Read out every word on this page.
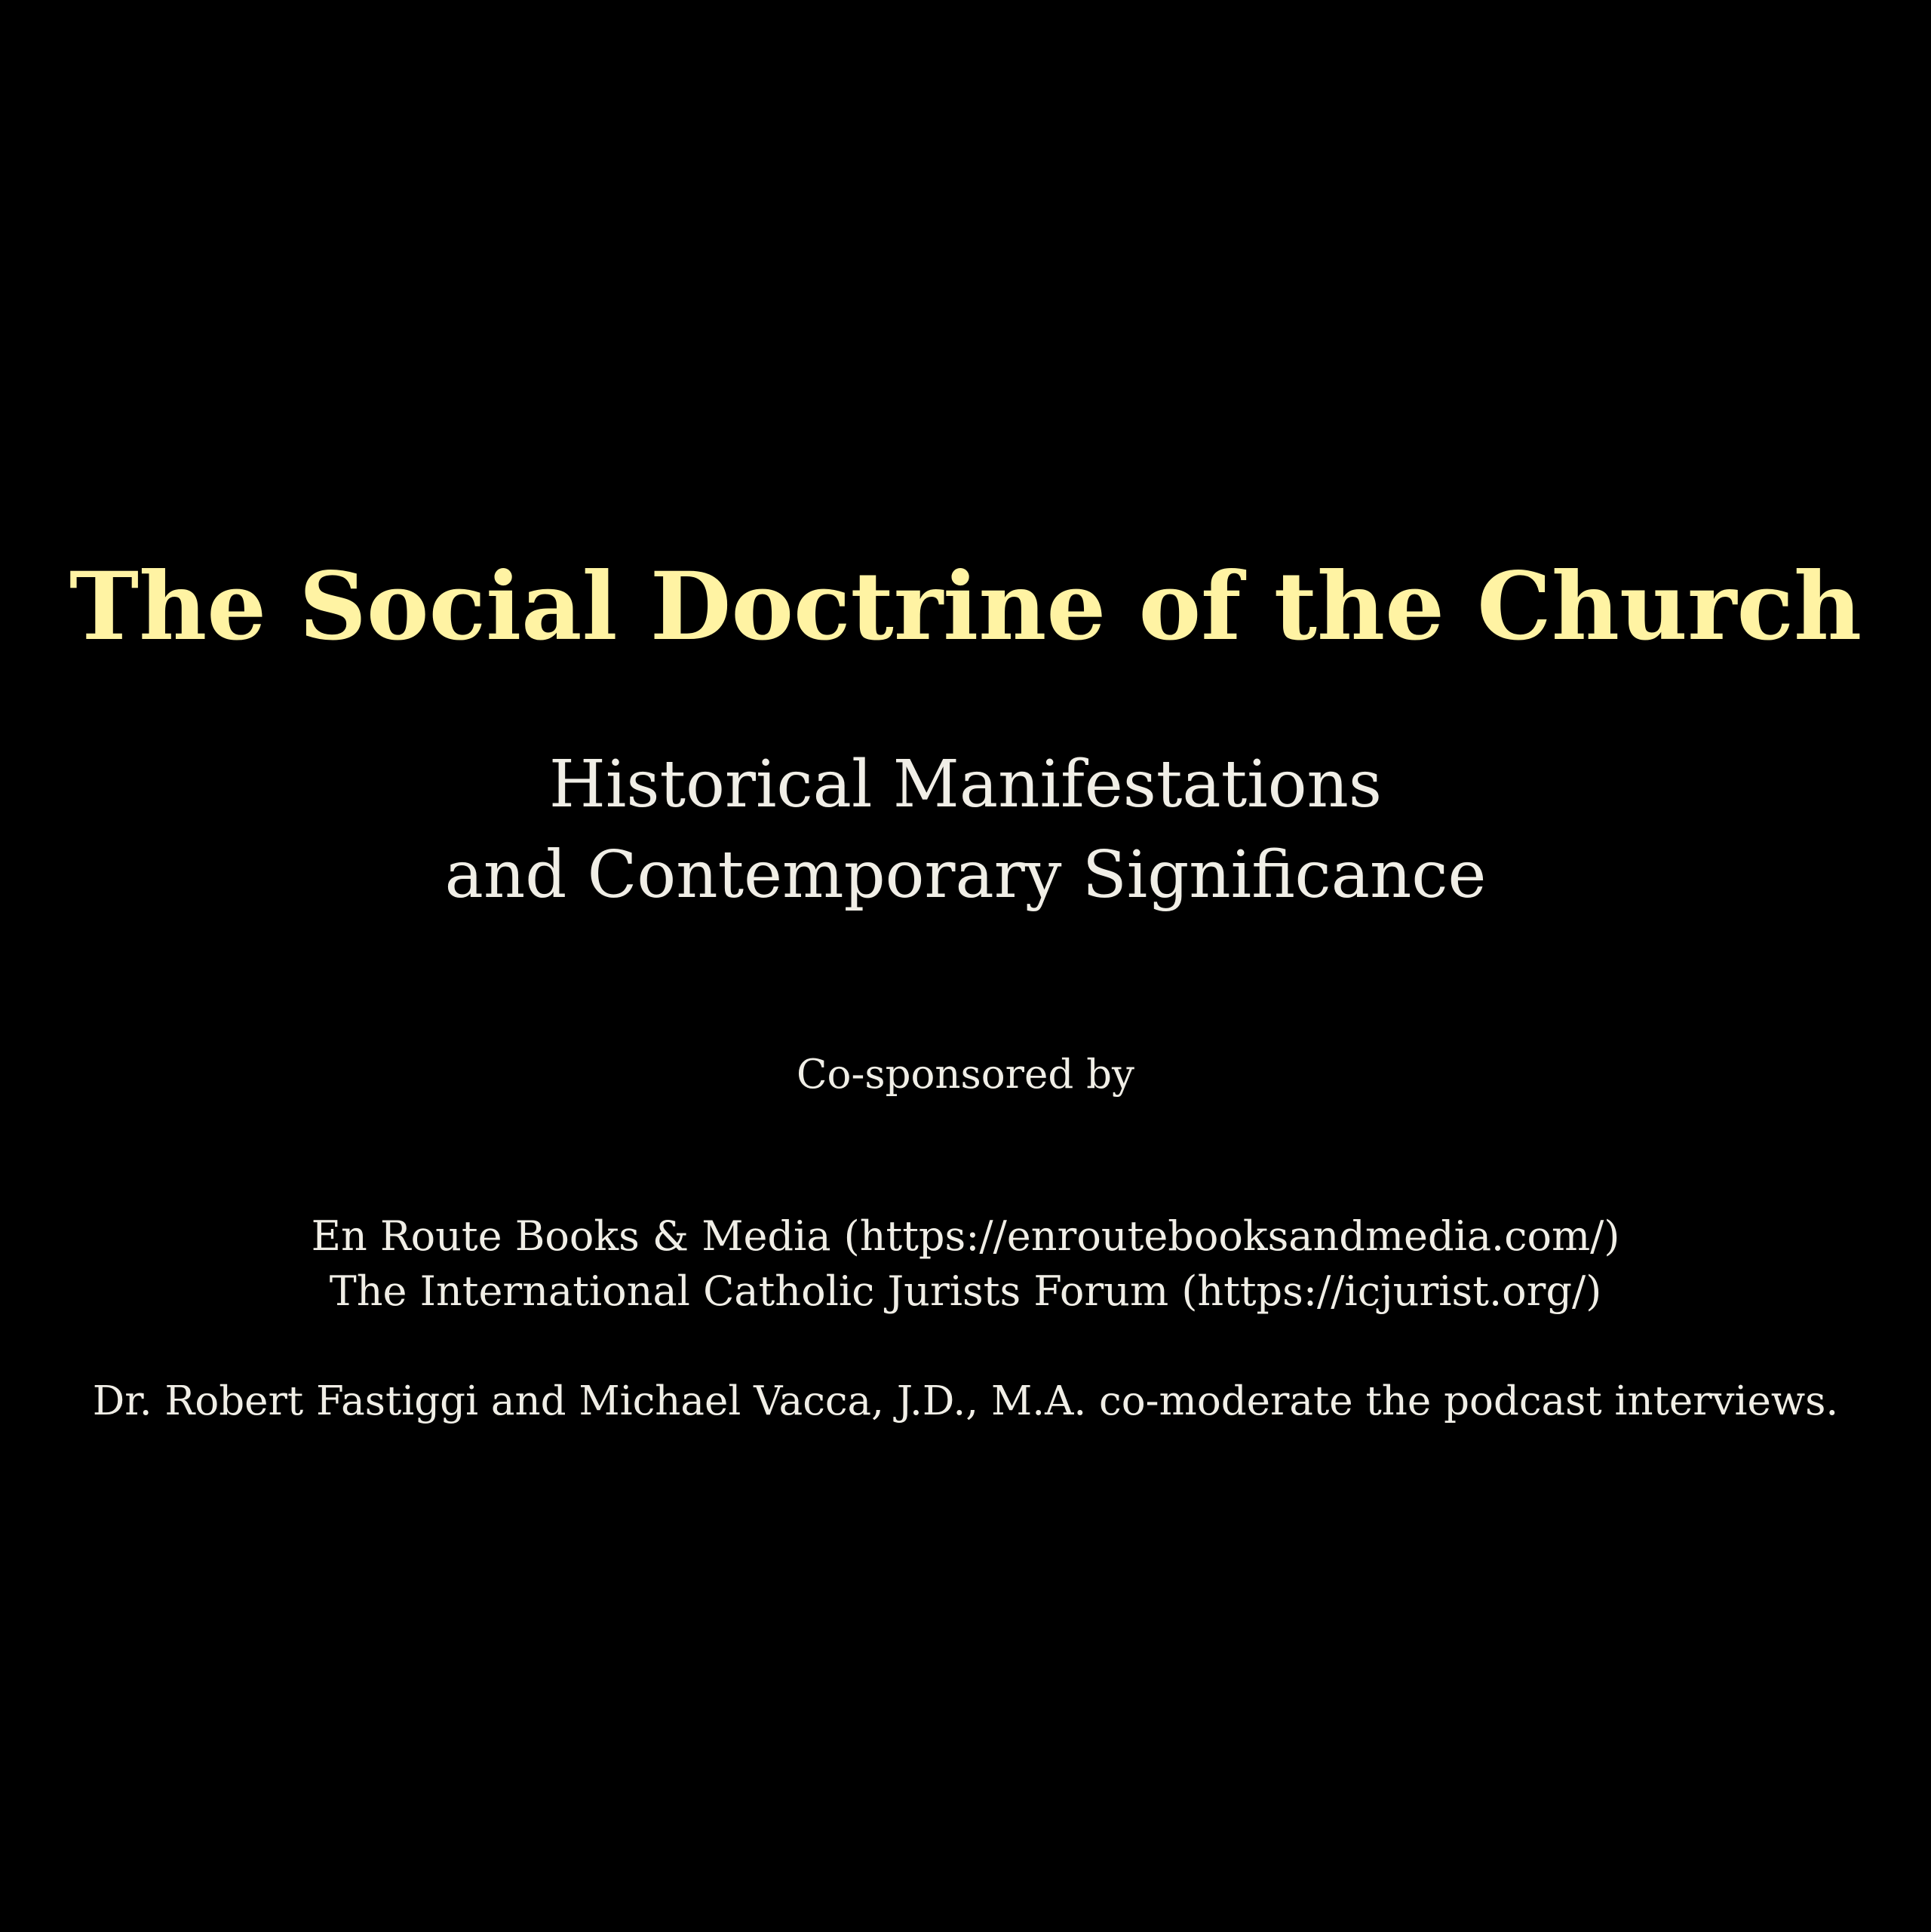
The Social Doctrine of the Church
Historical Manifestations
and Contemporary Significance
Co-sponsored by
En Route Books & Media (https://enroutebooksandmedia.com/)
The International Catholic Jurists Forum (https://icjurist.org/)
Dr. Robert Fastiggi and Michael Vacca, J.D., M.A. co-moderate the podcast interviews.
